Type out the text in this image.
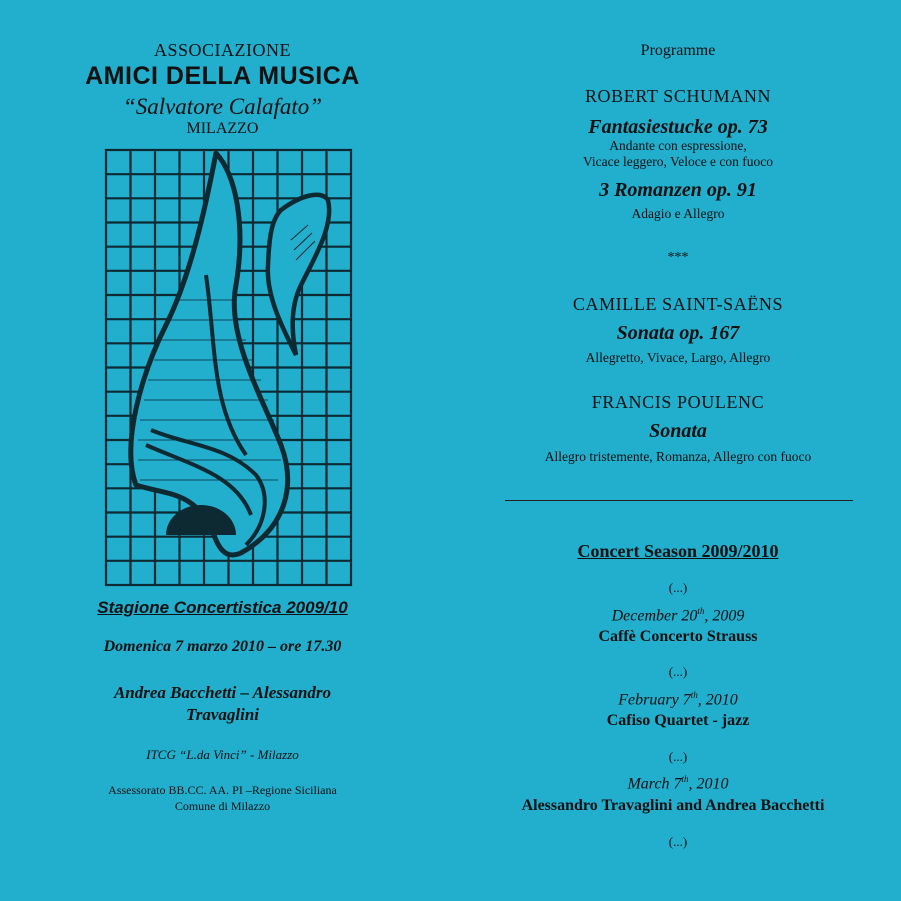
ASSOCIAZIONE
AMICI DELLA MUSICA
“Salvatore Calafato”
MILAZZO
Stagione Concertistica 2009/10
Domenica 7 marzo 2010 – ore 17.30
Andrea Bacchetti – Alessandro
Travaglini
ITCG “L.da Vinci” - Milazzo
Assessorato BB.CC. AA. PI –Regione Siciliana
Comune di Milazzo
Programme
ROBERT SCHUMANN
Fantasiestucke op. 73
Andante con espressione,
Vicace leggero, Veloce e con fuoco
3 Romanzen op. 91
Adagio e Allegro
***
CAMILLE SAINT-SAËNS
Sonata op. 167
Allegretto, Vivace, Largo, Allegro
FRANCIS POULENC
Sonata
Allegro tristemente, Romanza, Allegro con fuoco
Concert Season 2009/2010
(...)
December 20th, 2009
Caffè Concerto Strauss
(...)
February 7th, 2010
Cafiso Quartet - jazz
(...)
March 7th, 2010
Alessandro Travaglini and Andrea Bacchetti
(...)
